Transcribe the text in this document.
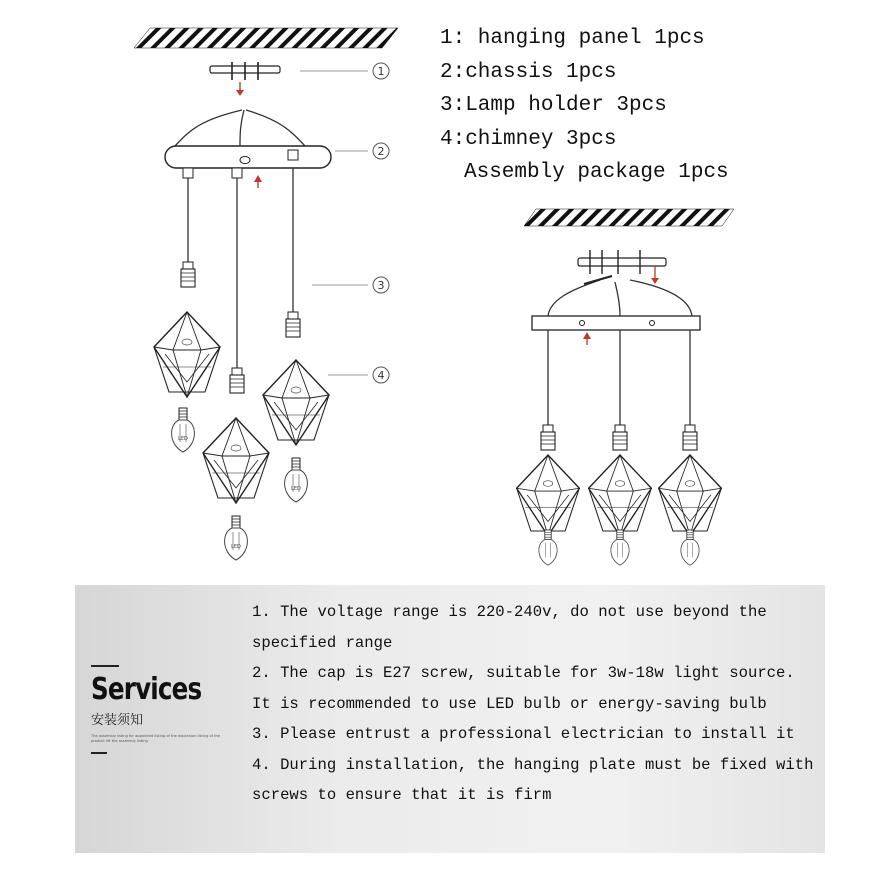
LED
LED
LED
1
2
3
4
1: hanging panel 1pcs
2:chassis 1pcs
3:Lamp holder 3pcs
4:chimney 3pcs
Assembly package 1pcs
Services
安装须知
The assembly listing for appointed listing of the expansion listing of the product lift the assembly listing
1. The voltage range is 220-240v, do not use beyond the
specified range
2. The cap is E27 screw, suitable for 3w-18w light source.
It is recommended to use LED bulb or energy-saving bulb
3. Please entrust a professional electrician to install it
4. During installation, the hanging plate must be fixed with
screws to ensure that it is firm
